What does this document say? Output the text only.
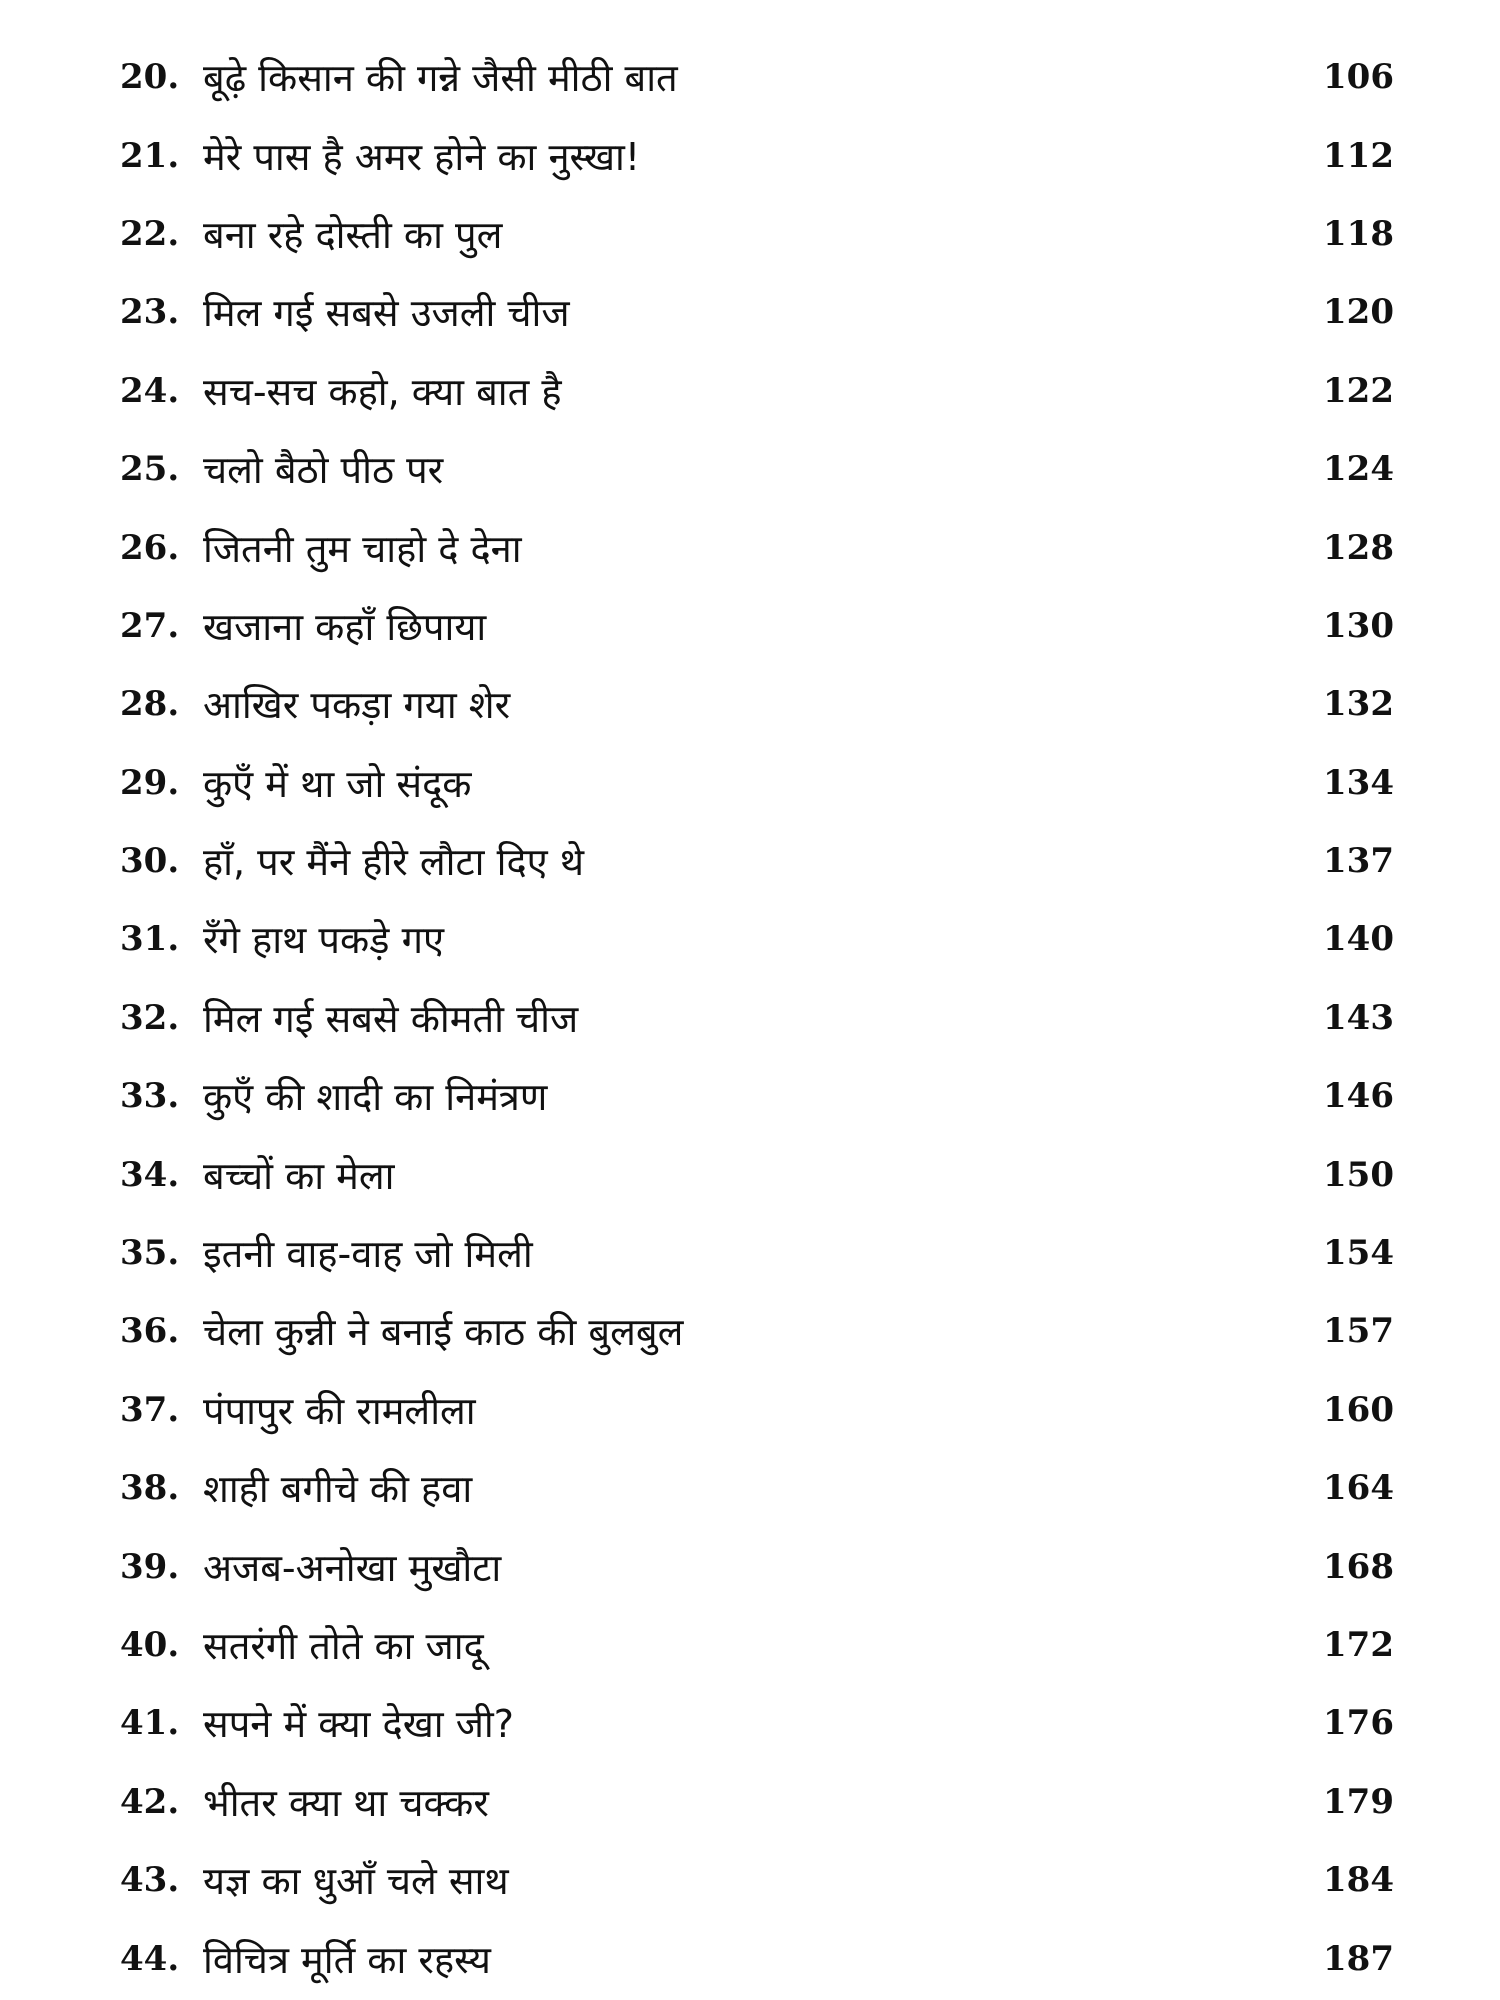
20. बूढ़े किसान की गन्ने जैसी मीठी बात	106
21. मेरे पास है अमर होने का नुस्खा!	112
22. बना रहे दोस्ती का पुल	118
23. मिल गई सबसे उजली चीज	120
24. सच-सच कहो, क्या बात है	122
25. चलो बैठो पीठ पर	124
26. जितनी तुम चाहो दे देना	128
27. खजाना कहाँ छिपाया	130
28. आखिर पकड़ा गया शेर	132
29. कुएँ में था जो संदूक	134
30. हाँ, पर मैंने हीरे लौटा दिए थे	137
31. रँगे हाथ पकड़े गए	140
32. मिल गई सबसे कीमती चीज	143
33. कुएँ की शादी का निमंत्रण	146
34. बच्चों का मेला	150
35. इतनी वाह-वाह जो मिली	154
36. चेला कुन्नी ने बनाई काठ की बुलबुल	157
37. पंपापुर की रामलीला	160
38. शाही बगीचे की हवा	164
39. अजब-अनोखा मुखौटा	168
40. सतरंगी तोते का जादू	172
41. सपने में क्या देखा जी?	176
42. भीतर क्या था चक्कर	179
43. यज्ञ का धुआँ चले साथ	184
44. विचित्र मूर्ति का रहस्य	187
